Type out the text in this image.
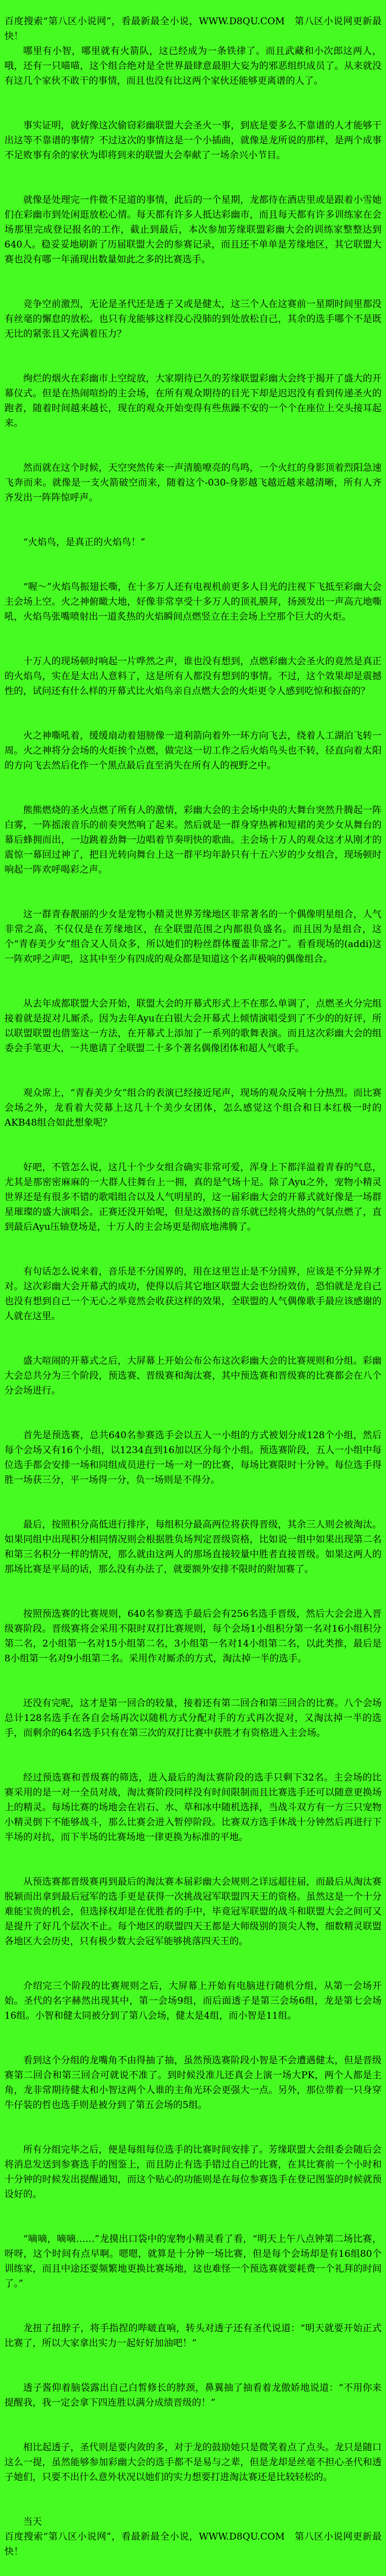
百度搜索“第八区小说网”，看最新最全小说，WWW.D8QU.COM　第八区小说网更新最快！

哪里有小智，哪里就有火箭队，这已经成为一条铁律了。而且武藏和小次郎这两人，哦，还有一只喵喵，这个组合绝对是全世界最肆意最胆大妄为的邪恶组织成员了。从来就没有这几个家伙不敢干的事情，而且也没有比这两个家伙还能够更离谱的人了。

事实证明，就好像这次偷窃彩幽联盟大会圣火一事，到底是要多么不靠谱的人才能够干出这等不靠谱的事情？不过这次的事情这是一个小插曲，就像是龙所说的那样，是两个成事不足败事有余的家伙为即将到来的联盟大会奉献了一场余兴小节目。

就像是处理完一件微不足道的事情，此后的一个星期，龙都待在酒店里或是跟着小雪她们在彩幽市到处闲逛放松心情。每天都有许多人抵达彩幽市，而且每天都有许多训练家在会场那里完成登记报名的工作，截止到最后，本次参加芳缘联盟彩幽大会的训练家整整达到640人。稳妥妥地刷新了历届联盟大会的参赛记录，而且还不单单是芳缘地区，其它联盟大赛也没有哪一年涌现出数量如此之多的比赛选手。

竞争空前激烈，无论是圣代还是透子又或是健太，这三个人在这赛前一星期时间里都没有丝毫的懈怠的放松。也只有龙能够这样没心没肺的到处放松自己，其余的选手哪个不是既无比的紧张且又充满着压力？

绚烂的烟火在彩幽市上空绽放，大家期待已久的芳缘联盟彩幽大会终于揭开了盛大的开幕仪式。但是在热闹喧纷的主会场，在所有观众期待的目光下却是迟迟没有看到传递圣火的跑者，随着时间越来越长，现在的观众开始变得有些焦躁不安的一个个在座位上交头接耳起来。

然而就在这个时候，天空突然传来一声清脆嘹亮的鸟鸣，一个火红的身影顶着烈阳急速飞奔而来。就像是一支火箭破空而来，随着这个-030-身影越飞越近越来越清晰，所有人齐齐发出一阵阵惊呼声。

“火焰鸟，是真正的火焰鸟！”

“喔～”火焰鸟振翅长嘶，在十多万人还有电视机前更多人目光的注视下飞抵至彩幽大会主会场上空。火之神俯瞰大地，好像非常享受十多万人的顶礼膜拜，扬颈发出一声高亢地嘶吼，火焰鸟张嘴喷射出一道炙热的火焰瞬间点燃竖立在主会场上空那个巨大的火炬。

十万人的现场顿时响起一片哗然之声，谁也没有想到，点燃彩幽大会圣火的竟然是真正的火焰鸟，实在是太出人意料了，这是所有人都没有想到的事情。不过，这个效果却是震撼性的，试问还有什么样的开幕式比火焰鸟亲自点燃大会的火炬更令人感到吃惊和振奋的？

火之神嘶吼着，缓缓扇动着翅膀像一道利箭向着外一环方向飞去，绕着人工湖泊飞转一周。火之神将分会场的火炬挨个点燃，做完这一切工作之后火焰鸟头也不转，径直向着太阳的方向飞去然后化作一个黑点最后直至消失在所有人的视野之中。

熊熊燃烧的圣火点燃了所有人的激情，彩幽大会的主会场中央的大舞台突然升腾起一阵白雾，一阵摇滚音乐的前奏突然响了起来。然后就是一群身穿热裤和短裙的美少女从舞台的幕后蜂拥而出，一边跳着劲舞一边唱着节奏明快的歌曲。主会场十万人的观众这才从刚才的震惊一幕回过神了，把目光转向舞台上这一群平均年龄只有十五六岁的少女组合，现场顿时响起一阵欢呼喝彩之声。

这一群青春靓丽的少女是宠物小精灵世界芳缘地区非常著名的一个偶像明星组合，人气非常之高，不仅仅是在芳缘地区，在全联盟范围之内都很负盛名。而且因为是组合，这个“青春美少女”组合又人员众多，所以她们的粉丝群体覆盖非常之广。看看现场的(addi)这一阵欢呼之声吧，这其中至少有四成的观众都是知道这个名声极响的偶像组合。

从去年成都联盟大会开始，联盟大会的开幕式形式上不在那么单调了，点燃圣火分完组接着就是捉对儿厮杀。因为去年Ayu在白银大会开幕式上倾情演唱受到了不少的的好评，所以联盟联盟也借鉴这一方法，在开幕式上添加了一系列的歌舞表演。而且这次彩幽大会的组委会手笔更大，一共邀请了全联盟二十多个著名偶像团体和超人气歌手。

观众席上，“青春美少女”组合的表演已经接近尾声，现场的观众反响十分热烈。而比赛会场之外，龙看着大荧幕上这几十个美少女团体，怎么感觉这个组合和日本红极一时的AKB48组合如此想象呢？

好吧，不管怎么说，这几十个少女组合确实非常可爱，浑身上下都洋溢着青春的气息，尤其是那密密麻麻的一大群人往舞台上一拥，真的是气场十足。除了Ayu之外，宠物小精灵世界还是有很多不错的歌唱组合以及人气明星的，这一届彩幽大会的开幕式就好像是一场群星璀璨的盛大演唱会。正赛还没开始呢，但是这激扬的音乐就已经将火热的气氛点燃了，直到最后Ayu压轴登场是，十万人的主会场更是彻底地沸腾了。

有句话怎么说来着，音乐是不分国界的，用在这里岂止是不分国界，应该是不分异界才对。这次彩幽大会开幕式的成功，使得以后其它地区联盟大会也纷纷效仿，恐怕就是龙自己也没有想到自己一个无心之举竟然会收获这样的效果，全联盟的人气偶像歌手最应该感谢的人就在这里。

盛大喧闹的开幕式之后，大屏幕上开始公布公布这次彩幽大会的比赛规则和分组。彩幽大会总共分为三个阶段，预选赛、晋级赛和淘汰赛，其中预选赛和晋级赛的比赛都会在八个分会场进行。

首先是预选赛，总共640名参赛选手会以五人一小组的方式被划分成128个小组，然后每个会场又有16个小组，以1234直到16加以区分每个小组。预选赛阶段，五人一小组中每位选手都会安排一场和同组成员进行一场一对一的比赛，每场比赛限时十分钟。每位选手得胜一场获三分，平一场得一分，负一场则是不得分。

最后，按照积分高低进行排序，每组积分最高两位将获得晋级，其余三人则会被淘汰。如果同组中出现积分相同情况则会根据胜负场判定晋级资格，比如说一组中如果出现第二名和第三名积分一样的情况，那么就由这两人的那场直接较量中胜者直接晋级。如果这两人的那场比赛是平局的话，那么没有办法了，就要额外安排不限时的附加赛了。

按照预选赛的比赛规则，640名参赛选手最后会有256名选手晋级，然后大会会进入晋级赛阶段。晋级赛将会采用不限时双打比赛规则，每个会场1小组积分第一名对16小组积分第二名，2小组第一名对15小组第二名，3小组第一名对14小组第二名，以此类推，最后是8小组第一名对9小组第二名。采用作对厮杀的方式，淘汰掉一半的选手。

还没有完呢，这才是第一回合的较量，接着还有第二回合和第三回合的比赛。八个会场总计128名选手在各自会场再次以随机方式分配对手的方式再次捉对，又淘汰掉一半的选手，而剩余的64名选手只有在第三次的双打比赛中获胜才有资格进入主会场。

经过预选赛和晋级赛的筛选，进入最后的淘汰赛阶段的选手只剩下32名。主会场的比赛采用的是一对一全员对战，淘汰赛阶段同样没有时间限制而且比赛选手还可以随意更换场上的精灵。每场比赛的场地会在岩石、水、草和冰中随机选择，当战斗双方有一方三只宠物小精灵倒下不能够战斗，那么比赛会进入暂停阶段。比赛双方选手休战十分钟然后再进行下半场的对抗，而下半场的比赛场地一律更换为标准的平地。

从预选赛都晋级赛再到最后的淘汰赛本届彩幽大会规则之详远超往届，而最后从淘汰赛脱颖而出拿到最后冠军的选手更是获得一次挑战冠军联盟四天王的资格。虽然这是一个十分难能宝贵的机会，但选择权却是在优胜者的手中，毕竟冠军联盟的战斗和联盟大会之间可又是提升了好几个层次不止。每个地区的联盟四天王都是大师级别的顶尖人物，细数精灵联盟各地区大会历史，只有极少数大会冠军能够挑落四天王的。

介绍完三个阶段的比赛规则之后，大屏幕上开始有电脑进行随机分组，从第一会场开始。圣代的名字赫然出现其中，第一会场9组，而后面透子是第三会场6组，龙是第七会场16组。小智和健太同被分到了第八会场，健太是4组，而小智是11组。

看到这个分组的龙嘴角不由得抽了抽，虽然预选赛阶段小智是不会遭遇健太，但是晋级赛第二回合和第三回合可就说不准了。到时候没准儿还真会上演一场大PK，两个人都是主角，龙非常期待健太和小智这两个人谁的主角光环会更强大一点。另外，那位带着一只身穿牛仔装的哲也选手则是被分到了第五会场的5组。

所有分组完毕之后，便是每组每位选手的比赛时间安排了。芳缘联盟大会组委会随后会将消息发送到参赛选手的图鉴上，而且防止有选手错过自己的比赛，在其比赛前一个小时和十分钟的时候发出提醒通知，而这个贴心的功能则是在每位参赛选手在登记图鉴的时候就预设好的。

“嘀嘀，嘀嘀……”龙摸出口袋中的宠物小精灵看了看，“明天上午八点钟第二场比赛，呀呀，这个时间有点早啊。嗯嗯，就算是十分钟一场比赛，但是每个会场却是有16组80个训练家，而且中途还要频繁地更换比赛场地，这也难怪一个预选赛就要耗费一个礼拜的时间了。”

龙扭了扭脖子，将手指捏的哔啵直响，转头对透子还有圣代说道：“明天就要开始正式比赛了，所以大家拿出实力一起好好加油吧！”

透子酱仰着脑袋露出自己白皙修长的脖颈，鼻翼抽了抽看着龙傲娇地说道：“不用你来提醒我，我一定会拿下四连胜以满分成绩晋级的！”

相比起透子，圣代则是要内敛的多，对于龙的鼓励她只是微笑着点了点头。龙只是随口这么一提，虽然能够参加彩幽大会的选手都不是易与之辈，但是龙却是丝毫不担心圣代和透子她们，只要不出什么意外状况以她们的实力想要打进淘汰赛还是比较轻松的。

当天

百度搜索“第八区小说网”，看最新最全小说，WWW.D8QU.COM　第八区小说网更新最快！
